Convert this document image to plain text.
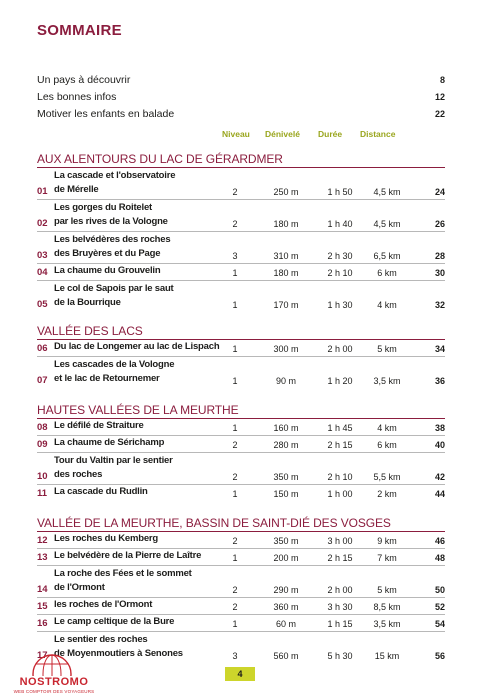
SOMMAIRE
Un pays à découvrir	8
Les bonnes infos	12
Motiver les enfants en balade	22
Niveau Dénivelé Durée Distance
AUX ALENTOURS DU LAC DE GÉRARDMER
01
La cascade et l'observatoire
de Mérelle	2	250 m	1 h 50	4,5 km	24
02
Les gorges du Roitelet
par les rives de la Vologne	2	180 m	1 h 40	4,5 km	26
03
Les belvédères des roches
des Bruyères et du Page	3	310 m	2 h 30	6,5 km	28
04 La chaume du Grouvelin	1	180 m	2 h 10	6 km	30
05
Le col de Sapois par le saut
de la Bourrique	1	170 m	1 h 30	4 km	32
VALLÉE DES LACS
06 Du lac de Longemer au lac de Lispach	1	300 m	2 h 00	5 km	34
07
Les cascades de la Vologne
et le lac de Retournemer	1	90 m	1 h 20	3,5 km	36
HAUTES VALLÉES DE LA MEURTHE
08 Le défilé de Straiture	1	160 m	1 h 45	4 km	38
09 La chaume de Sérichamp	2	280 m	2 h 15	6 km	40
10
Tour du Valtin par le sentier
des roches	2	350 m	2 h 10	5,5 km	42
11 La cascade du Rudlin	1	150 m	1 h 00	2 km	44
VALLÉE DE LA MEURTHE, BASSIN DE SAINT-DIÉ DES VOSGES
12 Les roches du Kemberg	2	350 m	3 h 00	9 km	46
13 Le belvédère de la Pierre de Laître	1	200 m	2 h 15	7 km	48
14
La roche des Fées et le sommet
de l'Ormont	2	290 m	2 h 00	5 km	50
15 les roches de l'Ormont	2	360 m	3 h 30	8,5 km	52
16 Le camp celtique de la Bure	1	60 m	1 h 15	3,5 km	54
17
Le sentier des roches
de Moyenmoutiers à Senones	3	560 m	5 h 30	15 km	56
NOSTROMO
WEB COMPTOIR DES VOYAGEURS
4
